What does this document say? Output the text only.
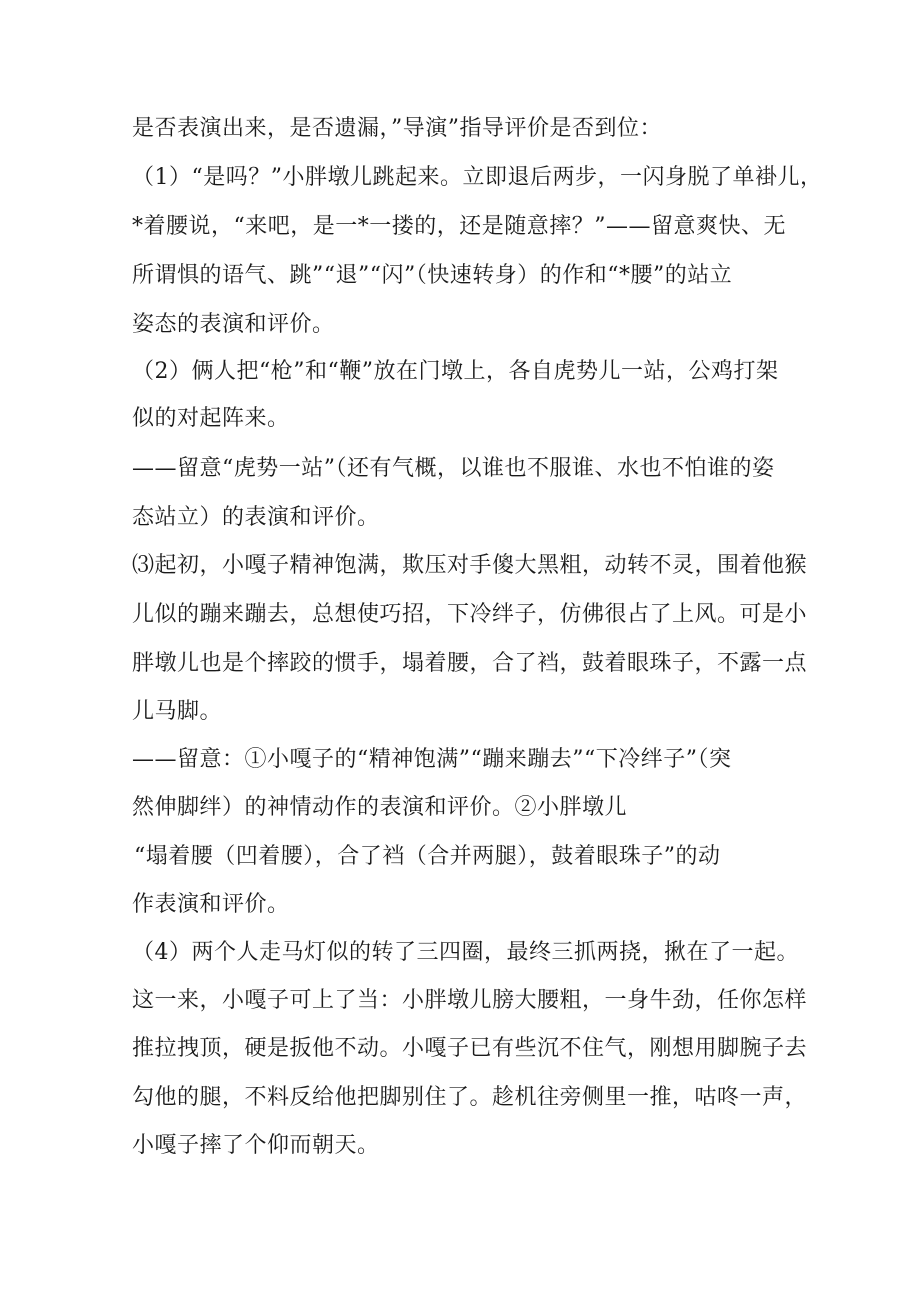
是否表演出来，是否遗漏，”导演”指导评价是否到位：
（1）“是吗？”小胖墩儿跳起来。立即退后两步，一闪身脱了单褂儿，
*着腰说，“来吧，是一*一搂的，还是随意摔？”——留意爽快、无
所谓惧的语气、跳”“退”“闪”（快速转身）的作和“*腰”的站立
姿态的表演和评价。
（2）俩人把“枪”和“鞭”放在门墩上，各自虎势儿一站，公鸡打架
似的对起阵来。
——留意“虎势一站”（还有气概，以谁也不服谁、水也不怕谁的姿
态站立）的表演和评价。
⑶起初，小嘎子精神饱满，欺压对手傻大黑粗，动转不灵，围着他猴
儿似的蹦来蹦去，总想使巧招，下冷绊子，仿佛很占了上风。可是小
胖墩儿也是个摔跤的惯手，塌着腰，合了裆，鼓着眼珠子，不露一点
儿马脚。
——留意：①小嘎子的“精神饱满”“蹦来蹦去”“下冷绊子”（突
然伸脚绊）的神情动作的表演和评价。②小胖墩儿
“塌着腰（凹着腰），合了裆（合并两腿），鼓着眼珠子”的动
作表演和评价。
（4）两个人走马灯似的转了三四圈，最终三抓两挠，揪在了一起。
这一来，小嘎子可上了当：小胖墩儿膀大腰粗，一身牛劲，任你怎样
推拉拽顶，硬是扳他不动。小嘎子已有些沉不住气，刚想用脚腕子去
勾他的腿，不料反给他把脚别住了。趁机往旁侧里一推，咕咚一声，
小嘎子摔了个仰而朝天。
